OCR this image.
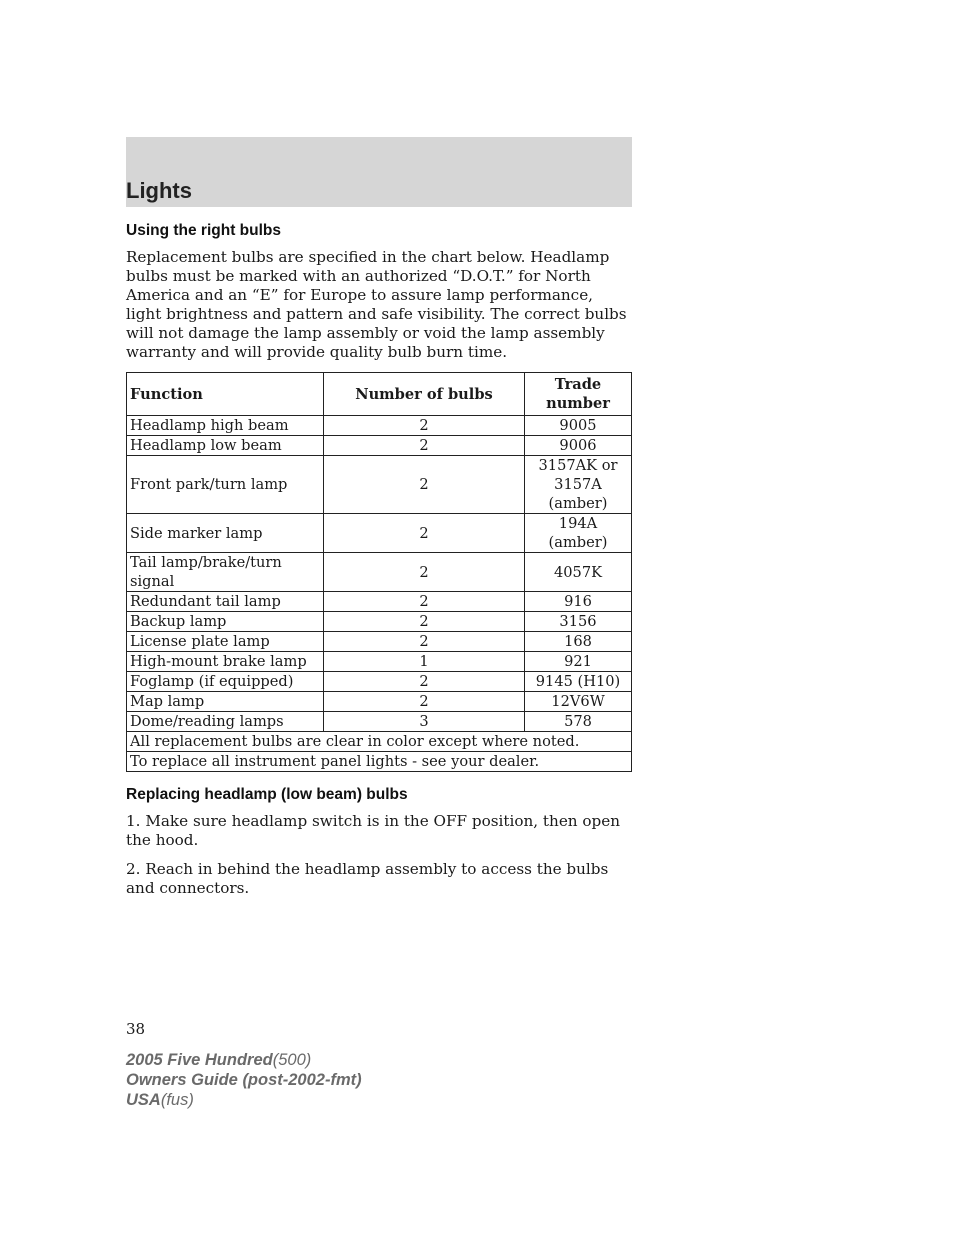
Lights
Using the right bulbs

Replacement bulbs are specified in the chart below. Headlamp bulbs must be marked with an authorized “D.O.T.” for North America and an “E” for Europe to assure lamp performance, light brightness and pattern and safe visibility. The correct bulbs will not damage the lamp assembly or void the lamp assembly warranty and will provide quality bulb burn time.

Function	Number of bulbs	Trade number
Headlamp high beam	2	9005
Headlamp low beam	2	9006
Front park/turn lamp	2	3157AK or 3157A (amber)
Side marker lamp	2	194A (amber)
Tail lamp/brake/turn signal	2	4057K
Redundant tail lamp	2	916
Backup lamp	2	3156
License plate lamp	2	168
High-mount brake lamp	1	921
Foglamp (if equipped)	2	9145 (H10)
Map lamp	2	12V6W
Dome/reading lamps	3	578
All replacement bulbs are clear in color except where noted.		
To replace all instrument panel lights - see your dealer.		
Replacing headlamp (low beam) bulbs

1. Make sure headlamp switch is in the OFF position, then open the hood.

2. Reach in behind the headlamp assembly to access the bulbs and connectors.

38
2005 Five Hundred(500)
Owners Guide (post-2002-fmt)
USA(fus)
